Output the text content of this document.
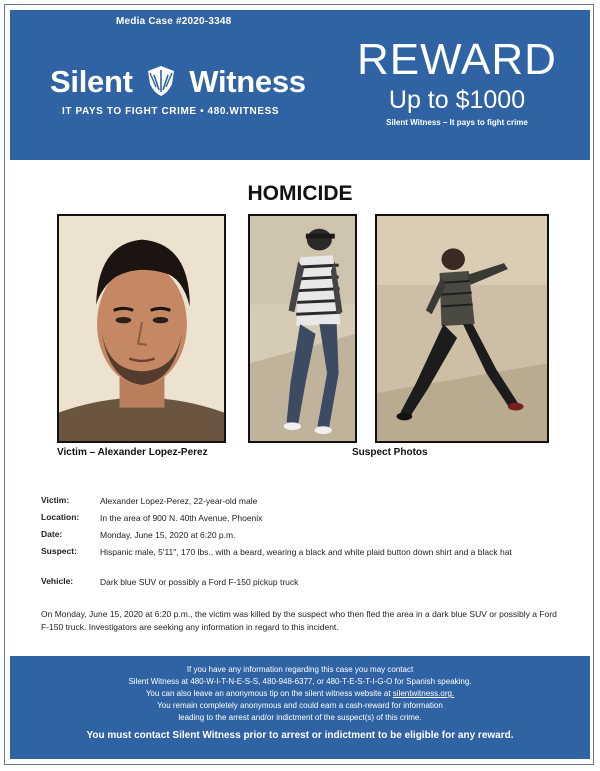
Media Case #2020-3348
Silent Witness
IT PAYS TO FIGHT CRIME • 480.WITNESS
REWARD
Up to $1000
Silent Witness – It pays to fight crime
HOMICIDE
Victim – Alexander Lopez-Perez	Suspect Photos
Victim:	Alexander Lopez-Perez, 22-year-old male
Location:	In the area of 900 N. 40th Avenue, Phoenix
Date:	Monday, June 15, 2020 at 6:20 p.m.
Suspect:	Hispanic male, 5'11", 170 lbs., with a beard, wearing a black and white plaid button down shirt and a black hat
Vehicle:	Dark blue SUV or possibly a Ford F-150 pickup truck
On Monday, June 15, 2020 at 6:20 p.m., the victim was killed by the suspect who then fled the area in a dark blue SUV or possibly a Ford F-150 truck. Investigators are seeking any information in regard to this incident.
If you have any information regarding this case you may contact
Silent Witness at 480-W-I-T-N-E-S-S, 480-948-6377, or 480-T-E-S-T-I-G-O for Spanish speaking.
You can also leave an anonymous tip on the silent witness website at silentwitness.org.
You remain completely anonymous and could earn a cash-reward for information
leading to the arrest and/or indictment of the suspect(s) of this crime.
You must contact Silent Witness prior to arrest or indictment to be eligible for any reward.
